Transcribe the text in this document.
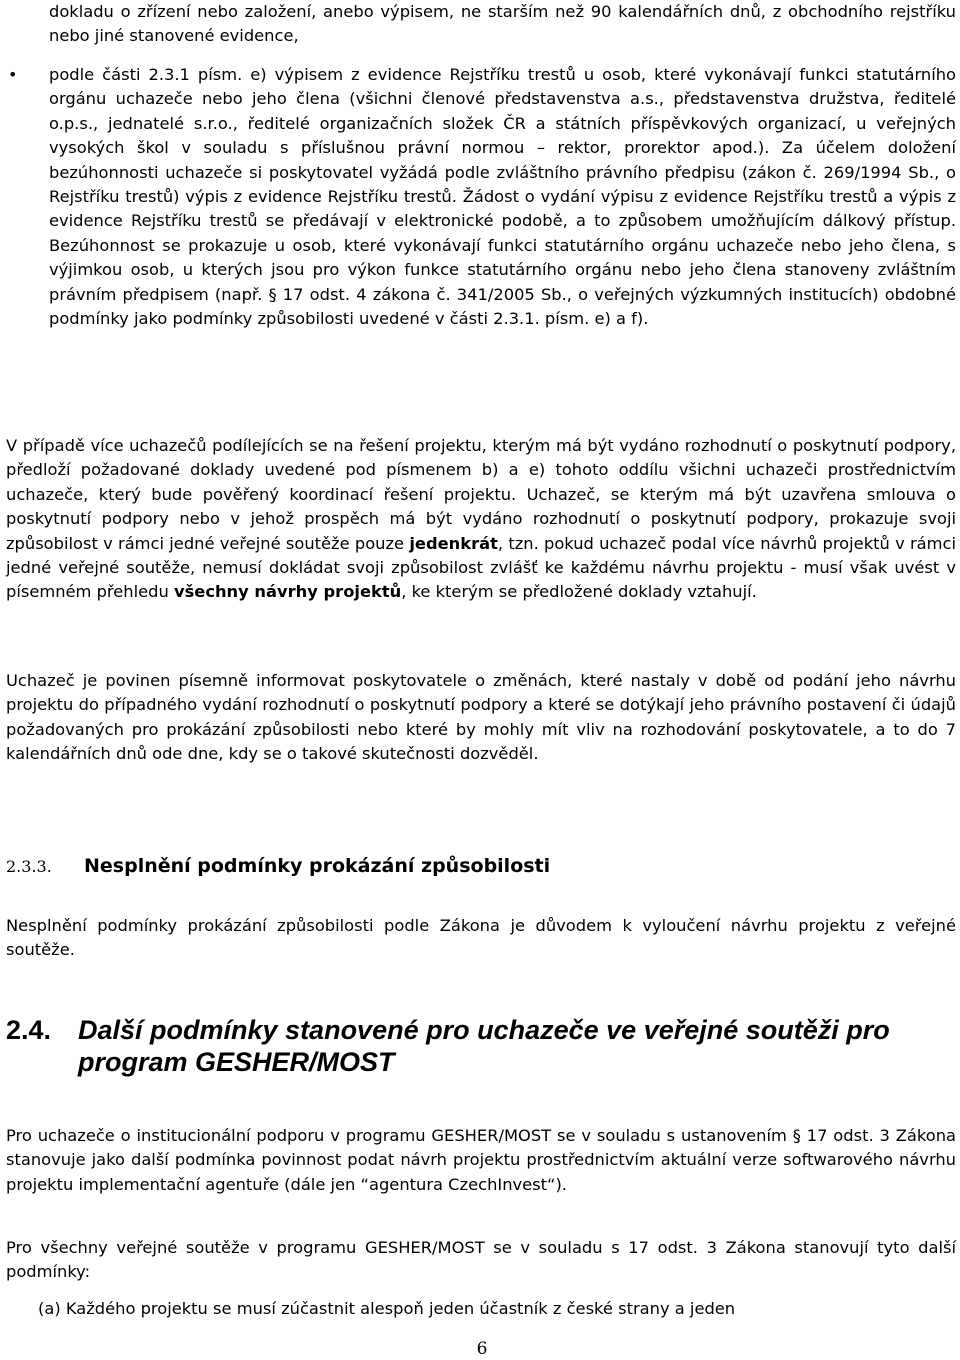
dokladu o zřízení nebo založení, anebo výpisem, ne starším než 90 kalendářních dnů, z obchodního rejstříku nebo jiné stanovené evidence,

• podle části 2.3.1 písm. e) výpisem z evidence Rejstříku trestů u osob, které vykonávají funkci statutárního orgánu uchazeče nebo jeho člena (všichni členové představenstva a.s., představenstva družstva, ředitelé o.p.s., jednatelé s.r.o., ředitelé organizačních složek ČR a státních příspěvkových organizací, u veřejných vysokých škol v souladu s příslušnou právní normou – rektor, prorektor apod.). Za účelem doložení bezúhonnosti uchazeče si poskytovatel vyžádá podle zvláštního právního předpisu (zákon č. 269/1994 Sb., o Rejstříku trestů) výpis z evidence Rejstříku trestů. Žádost o vydání výpisu z evidence Rejstříku trestů a výpis z evidence Rejstříku trestů se předávají v elektronické podobě, a to způsobem umožňujícím dálkový přístup. Bezúhonnost se prokazuje u osob, které vykonávají funkci statutárního orgánu uchazeče nebo jeho člena, s výjimkou osob, u kterých jsou pro výkon funkce statutárního orgánu nebo jeho člena stanoveny zvláštním právním předpisem (např. § 17 odst. 4 zákona č. 341/2005 Sb., o veřejných výzkumných institucích) obdobné podmínky jako podmínky způsobilosti uvedené v části 2.3.1. písm. e) a f).

V případě více uchazečů podílejících se na řešení projektu, kterým má být vydáno rozhodnutí o poskytnutí podpory, předloží požadované doklady uvedené pod písmenem b) a e) tohoto oddílu všichni uchazeči prostřednictvím uchazeče, který bude pověřený koordinací řešení projektu. Uchazeč, se kterým má být uzavřena smlouva o poskytnutí podpory nebo v jehož prospěch má být vydáno rozhodnutí o poskytnutí podpory, prokazuje svoji způsobilost v rámci jedné veřejné soutěže pouze jedenkrát, tzn. pokud uchazeč podal více návrhů projektů v rámci jedné veřejné soutěže, nemusí dokládat svoji způsobilost zvlášť ke každému návrhu projektu - musí však uvést v písemném přehledu všechny návrhy projektů, ke kterým se předložené doklady vztahují.

Uchazeč je povinen písemně informovat poskytovatele o změnách, které nastaly v době od podání jeho návrhu projektu do případného vydání rozhodnutí o poskytnutí podpory a které se dotýkají jeho právního postavení či údajů požadovaných pro prokázání způsobilosti nebo které by mohly mít vliv na rozhodování poskytovatele, a to do 7 kalendářních dnů ode dne, kdy se o takové skutečnosti dozvěděl.

2.3.3. Nesplnění podmínky prokázání způsobilosti

Nesplnění podmínky prokázání způsobilosti podle Zákona je důvodem k vyloučení návrhu projektu z veřejné soutěže.

2.4. Další podmínky stanovené pro uchazeče ve veřejné soutěži pro program GESHER/MOST

Pro uchazeče o institucionální podporu v programu GESHER/MOST se v souladu s ustanovením § 17 odst. 3 Zákona stanovuje jako další podmínka povinnost podat návrh projektu prostřednictvím aktuální verze softwarového návrhu projektu implementační agentuře (dále jen “agentura CzechInvest“).

Pro všechny veřejné soutěže v programu GESHER/MOST se v souladu s 17 odst. 3 Zákona stanovují tyto další podmínky:

(a) Každého projektu se musí zúčastnit alespoň jeden účastník z české strany a jeden

6
